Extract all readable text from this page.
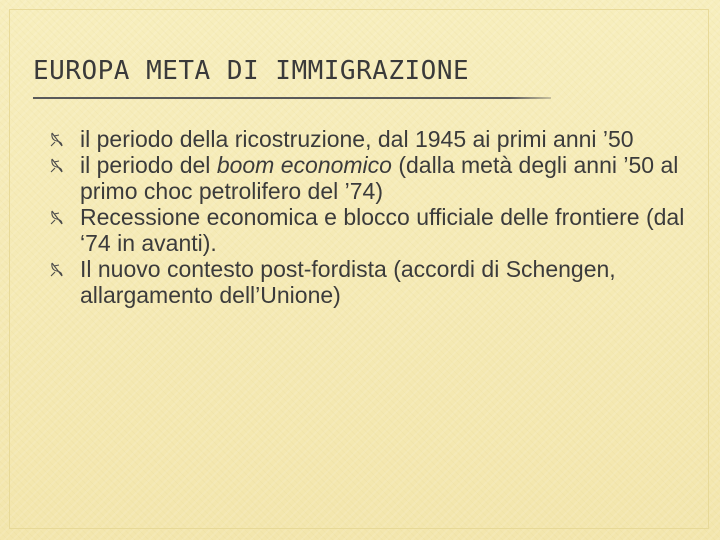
EUROPA META DI IMMIGRAZIONE
il periodo della ricostruzione, dal 1945 ai primi anni ’50
il periodo del boom economico (dalla metà degli anni ’50 al primo choc petrolifero del ’74)
Recessione economica e blocco ufficiale delle frontiere (dal ‘74 in avanti).
Il nuovo contesto post-fordista (accordi di Schengen, allargamento dell’Unione)
